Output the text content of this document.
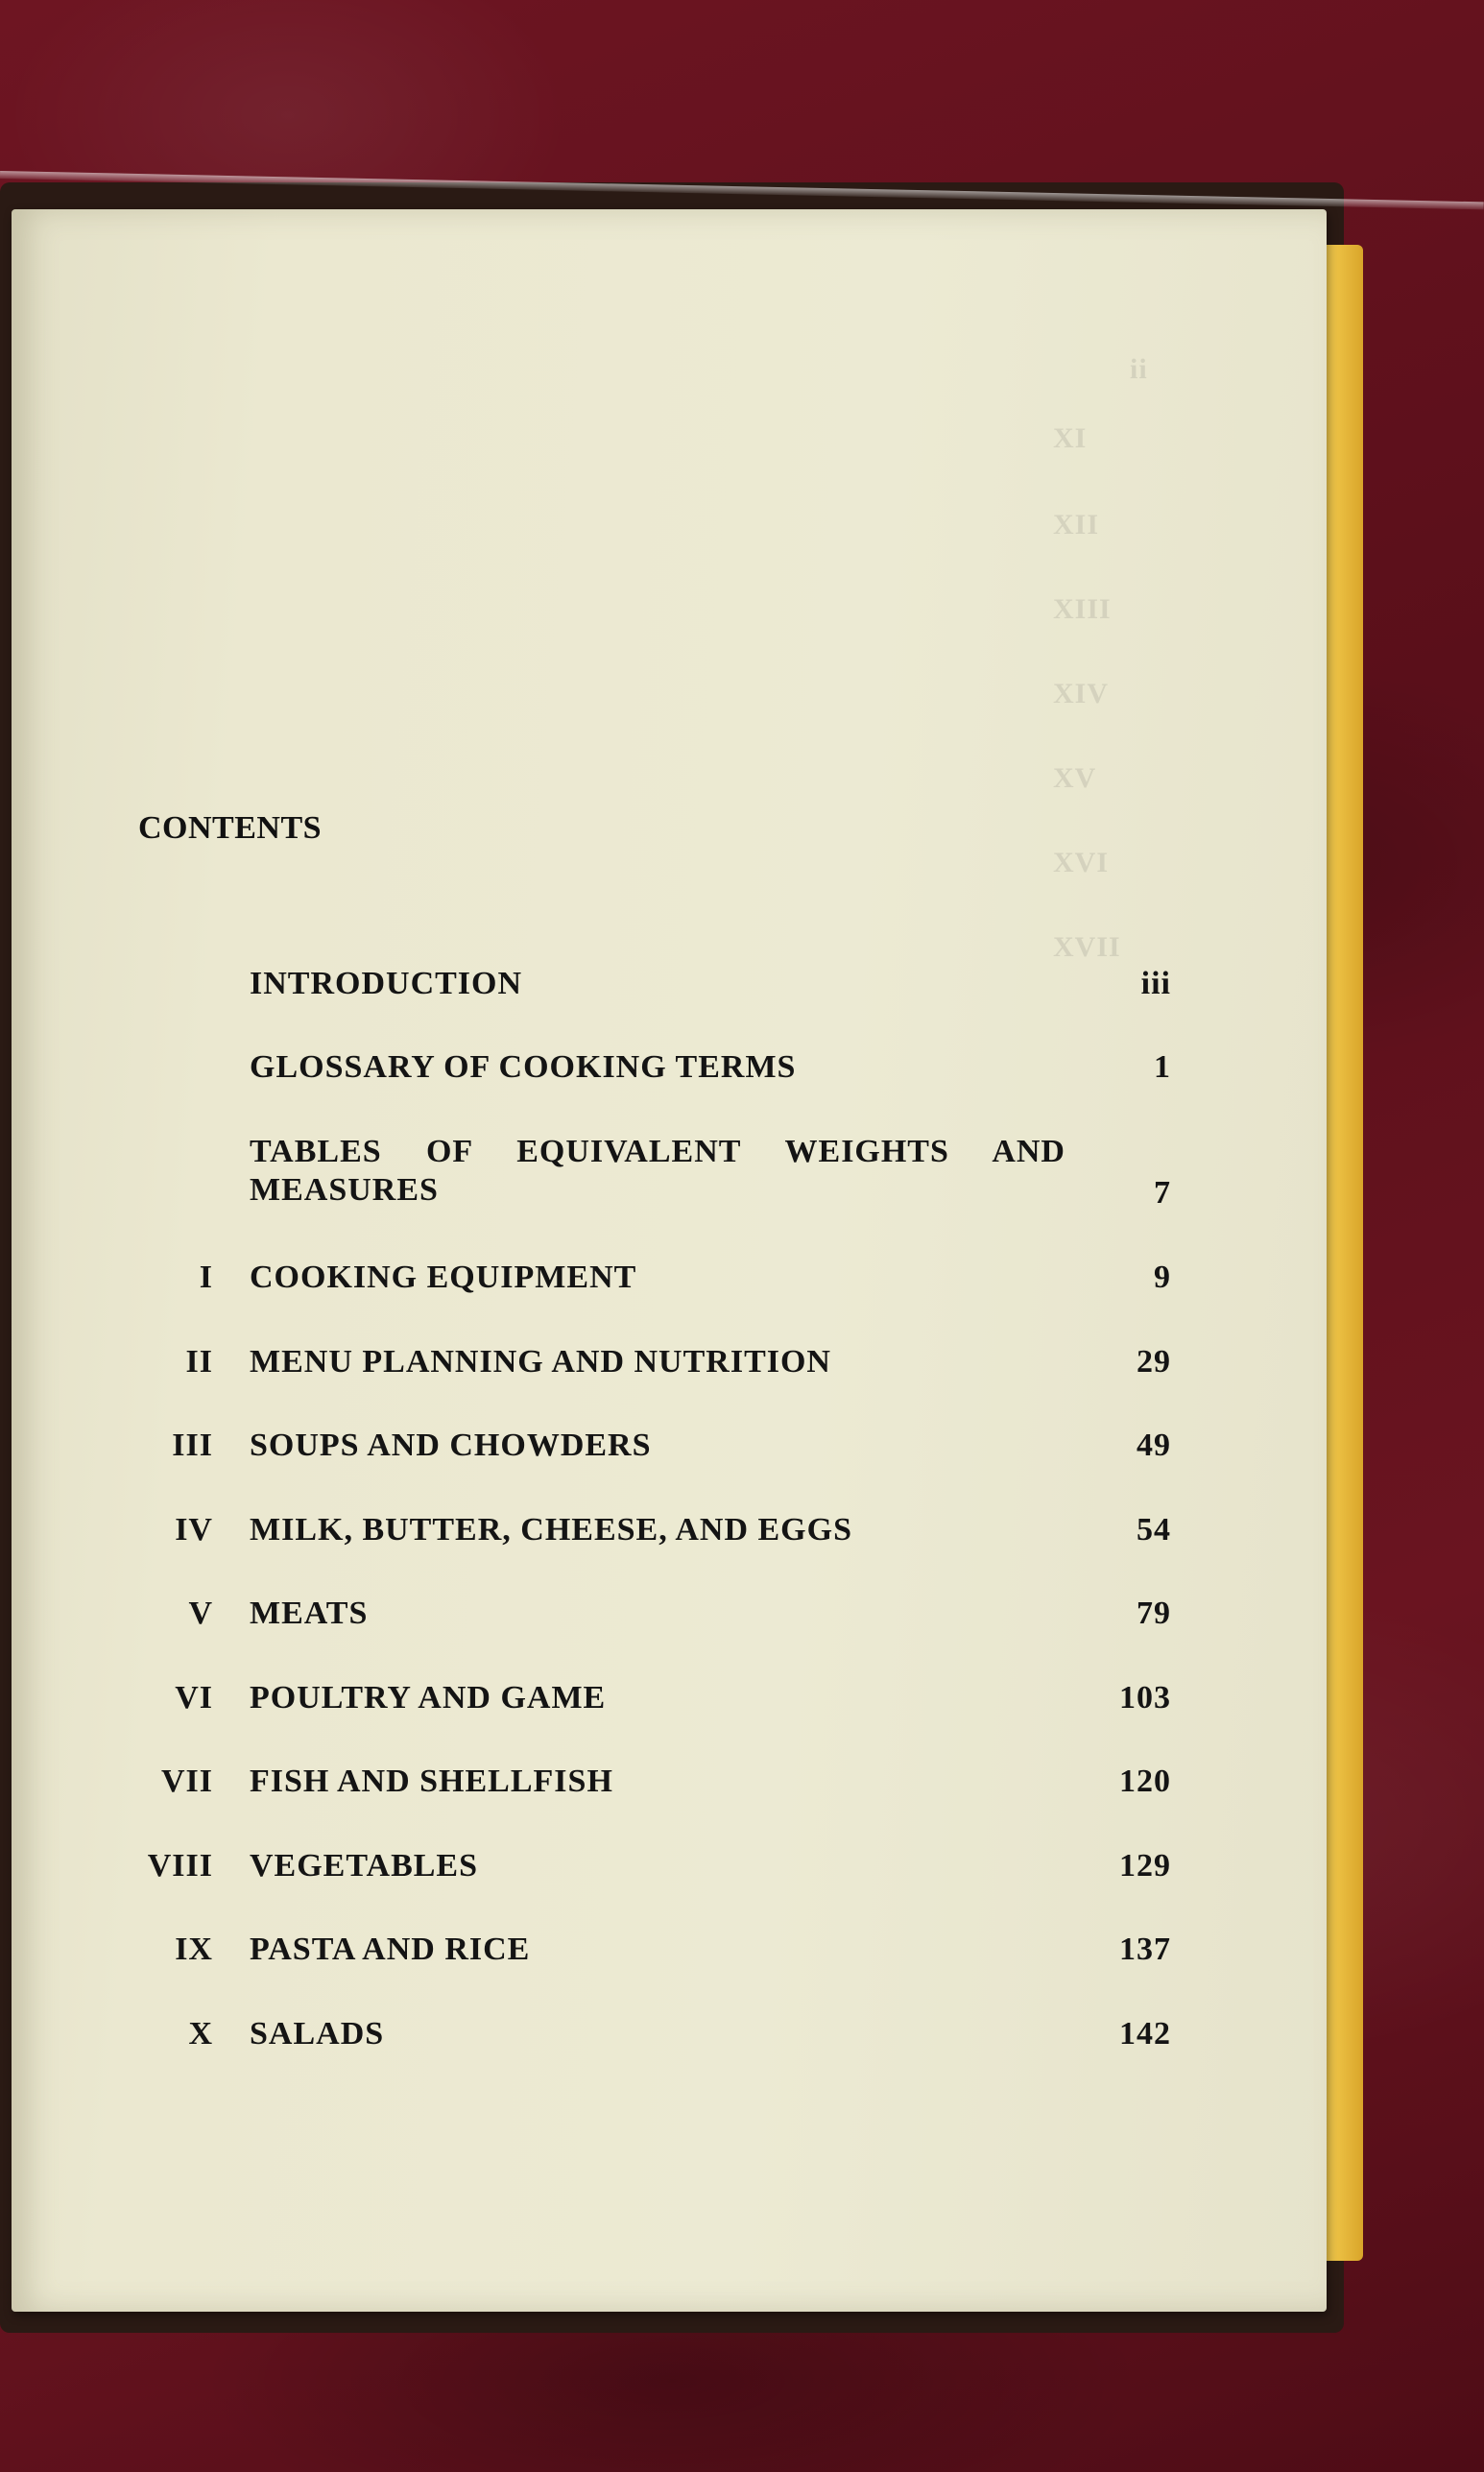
ii
XI
XII
XIII
XIV
XV
XVI
XVII
CONTENTS
INTRODUCTION	iii
GLOSSARY OF COOKING TERMS	1
TABLES OF EQUIVALENT WEIGHTS AND MEASURES	7
I COOKING EQUIPMENT	9
II MENU PLANNING AND NUTRITION	29
III SOUPS AND CHOWDERS	49
IV MILK, BUTTER, CHEESE, AND EGGS	54
V MEATS	79
VI POULTRY AND GAME	103
VII FISH AND SHELLFISH	120
VIII VEGETABLES	129
IX PASTA AND RICE	137
X SALADS	142
